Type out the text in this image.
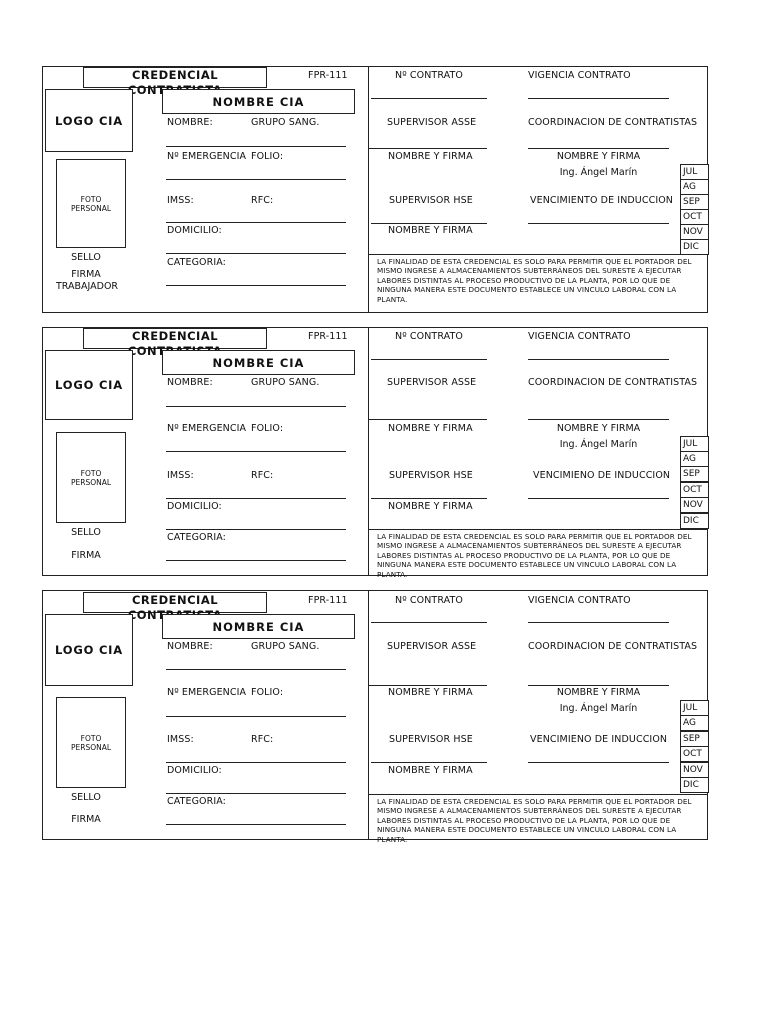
CREDENCIAL
NOMBRE CIA
LOGO CIA
FOTO
PERSONAL
SELLO
FIRMA
TRABAJADOR
NOMBRE:	GRUPO SANG.
Nº EMERGENCIA FOLIO:
IMSS:	RFC:
DOMICILIO:
CATEGORIA:
FPR-111	Nº CONTRATO	VIGENCIA CONTRATO
SUPERVISOR ASSE	COORDINACION DE CONTRATISTAS
NOMBRE Y FIRMA	NOMBRE Y FIRMA
Ing. Ángel Marín
SUPERVISOR HSE	VENCIMIENTO DE INDUCCION
NOMBRE Y FIRMA
JUL
AG
SEP
OCT
NOV
DIC
LA FINALIDAD DE ESTA CREDENCIAL ES SOLO PARA PERMITIR QUE EL PORTADOR DEL MISMO INGRESE A ALMACENAMIENTOS SUBTERRÁNEOS DEL SURESTE A EJECUTAR LABORES DISTINTAS AL PROCESO PRODUCTIVO DE LA PLANTA, POR LO QUE DE NINGUNA MANERA ESTE DOCUMENTO ESTABLECE UN VINCULO LABORAL CON LA PLANTA.
CREDENCIAL
NOMBRE CIA
LOGO CIA
FOTO
PERSONAL
SELLO
FIRMA
NOMBRE:	GRUPO SANG.
Nº EMERGENCIA FOLIO:
IMSS:	RFC:
DOMICILIO:
CATEGORIA:
FPR-111	Nº CONTRATO	VIGENCIA CONTRATO
SUPERVISOR ASSE	COORDINACION DE CONTRATISTAS
NOMBRE Y FIRMA	NOMBRE Y FIRMA
Ing. Ángel Marín
SUPERVISOR HSE	VENCIMIENO DE INDUCCION
NOMBRE Y FIRMA
JUL
AG
SEP
OCT
NOV
DIC
LA FINALIDAD DE ESTA CREDENCIAL ES SOLO PARA PERMITIR QUE EL PORTADOR DEL MISMO INGRESE A ALMACENAMIENTOS SUBTERRÁNEOS DEL SURESTE A EJECUTAR LABORES DISTINTAS AL PROCESO PRODUCTIVO DE LA PLANTA, POR LO QUE DE NINGUNA MANERA ESTE DOCUMENTO ESTABLECE UN VINCULO LABORAL CON LA PLANTA.
CREDENCIAL
NOMBRE CIA
LOGO CIA
FOTO
PERSONAL
SELLO
FIRMA
NOMBRE:	GRUPO SANG.
Nº EMERGENCIA FOLIO:
IMSS:	RFC:
DOMICILIO:
CATEGORIA:
FPR-111	Nº CONTRATO	VIGENCIA CONTRATO
SUPERVISOR ASSE	COORDINACION DE CONTRATISTAS
NOMBRE Y FIRMA	NOMBRE Y FIRMA
Ing. Ángel Marín
SUPERVISOR HSE	VENCIMIENO DE INDUCCION
NOMBRE Y FIRMA
JUL
AG
SEP
OCT
NOV
DIC
LA FINALIDAD DE ESTA CREDENCIAL ES SOLO PARA PERMITIR QUE EL PORTADOR DEL MISMO INGRESE A ALMACENAMIENTOS SUBTERRÁNEOS DEL SURESTE A EJECUTAR LABORES DISTINTAS AL PROCESO PRODUCTIVO DE LA PLANTA, POR LO QUE DE NINGUNA MANERA ESTE DOCUMENTO ESTABLECE UN VINCULO LABORAL CON LA PLANTA.
